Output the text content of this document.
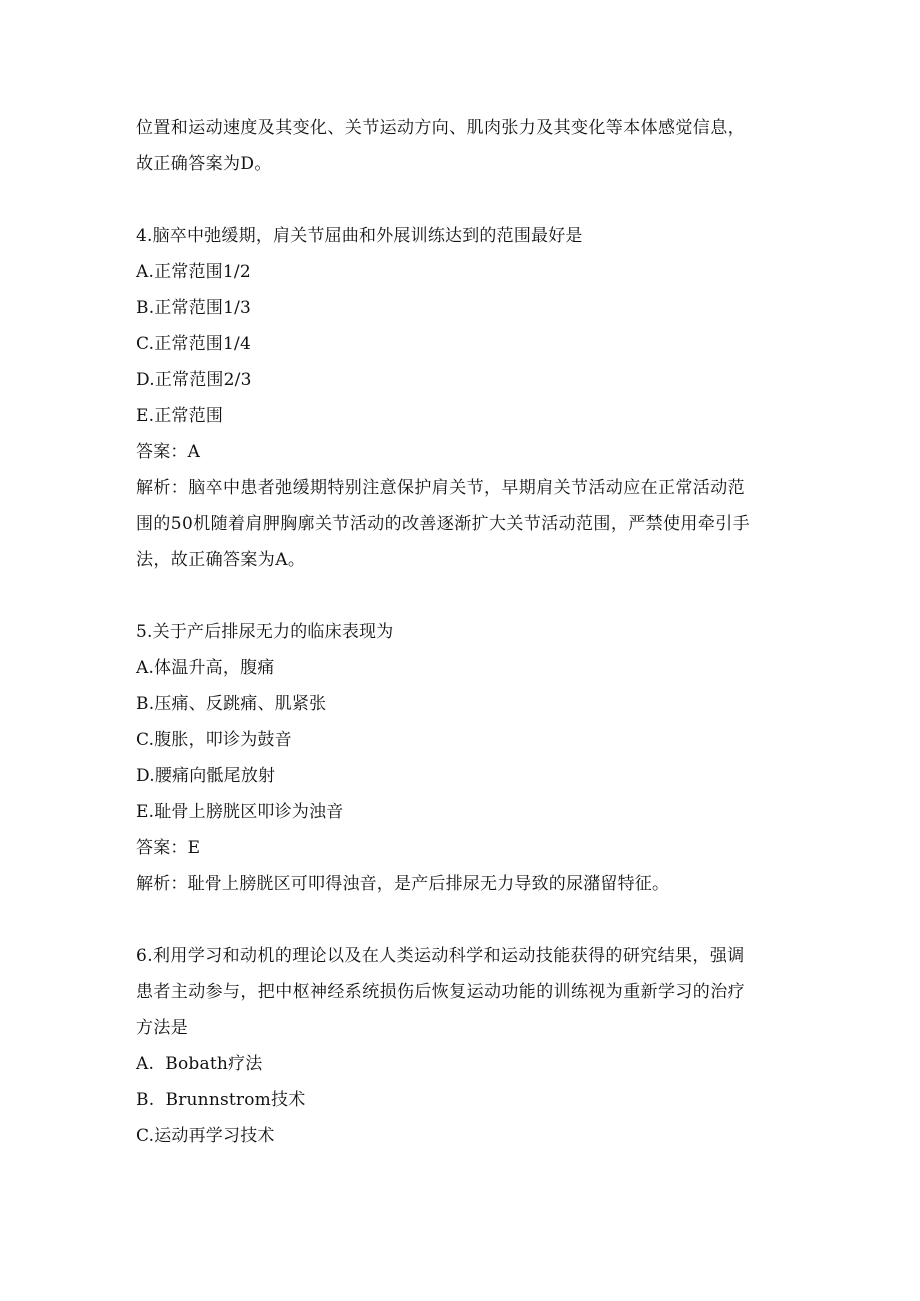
位置和运动速度及其变化、关节运动方向、肌肉张力及其变化等本体感觉信息，
故正确答案为D。
4.脑卒中弛缓期，肩关节屈曲和外展训练达到的范围最好是
A.正常范围1/2
B.正常范围1/3
C.正常范围1/4
D.正常范围2/3
E.正常范围
答案：A
解析：脑卒中患者弛缓期特别注意保护肩关节，早期肩关节活动应在正常活动范
围的50机随着肩胛胸廓关节活动的改善逐渐扩大关节活动范围，严禁使用牵引手
法，故正确答案为A。
5.关于产后排尿无力的临床表现为
A.体温升高，腹痛
B.压痛、反跳痛、肌紧张
C.腹胀，叩诊为鼓音
D.腰痛向骶尾放射
E.耻骨上膀胱区叩诊为浊音
答案：E
解析：耻骨上膀胱区可叩得浊音，是产后排尿无力导致的尿潴留特征。
6.利用学习和动机的理论以及在人类运动科学和运动技能获得的研究结果，强调
患者主动参与，把中枢神经系统损伤后恢复运动功能的训练视为重新学习的治疗
方法是
A.  Bobath疗法
B.  Brunnstrom技术
C.运动再学习技术
